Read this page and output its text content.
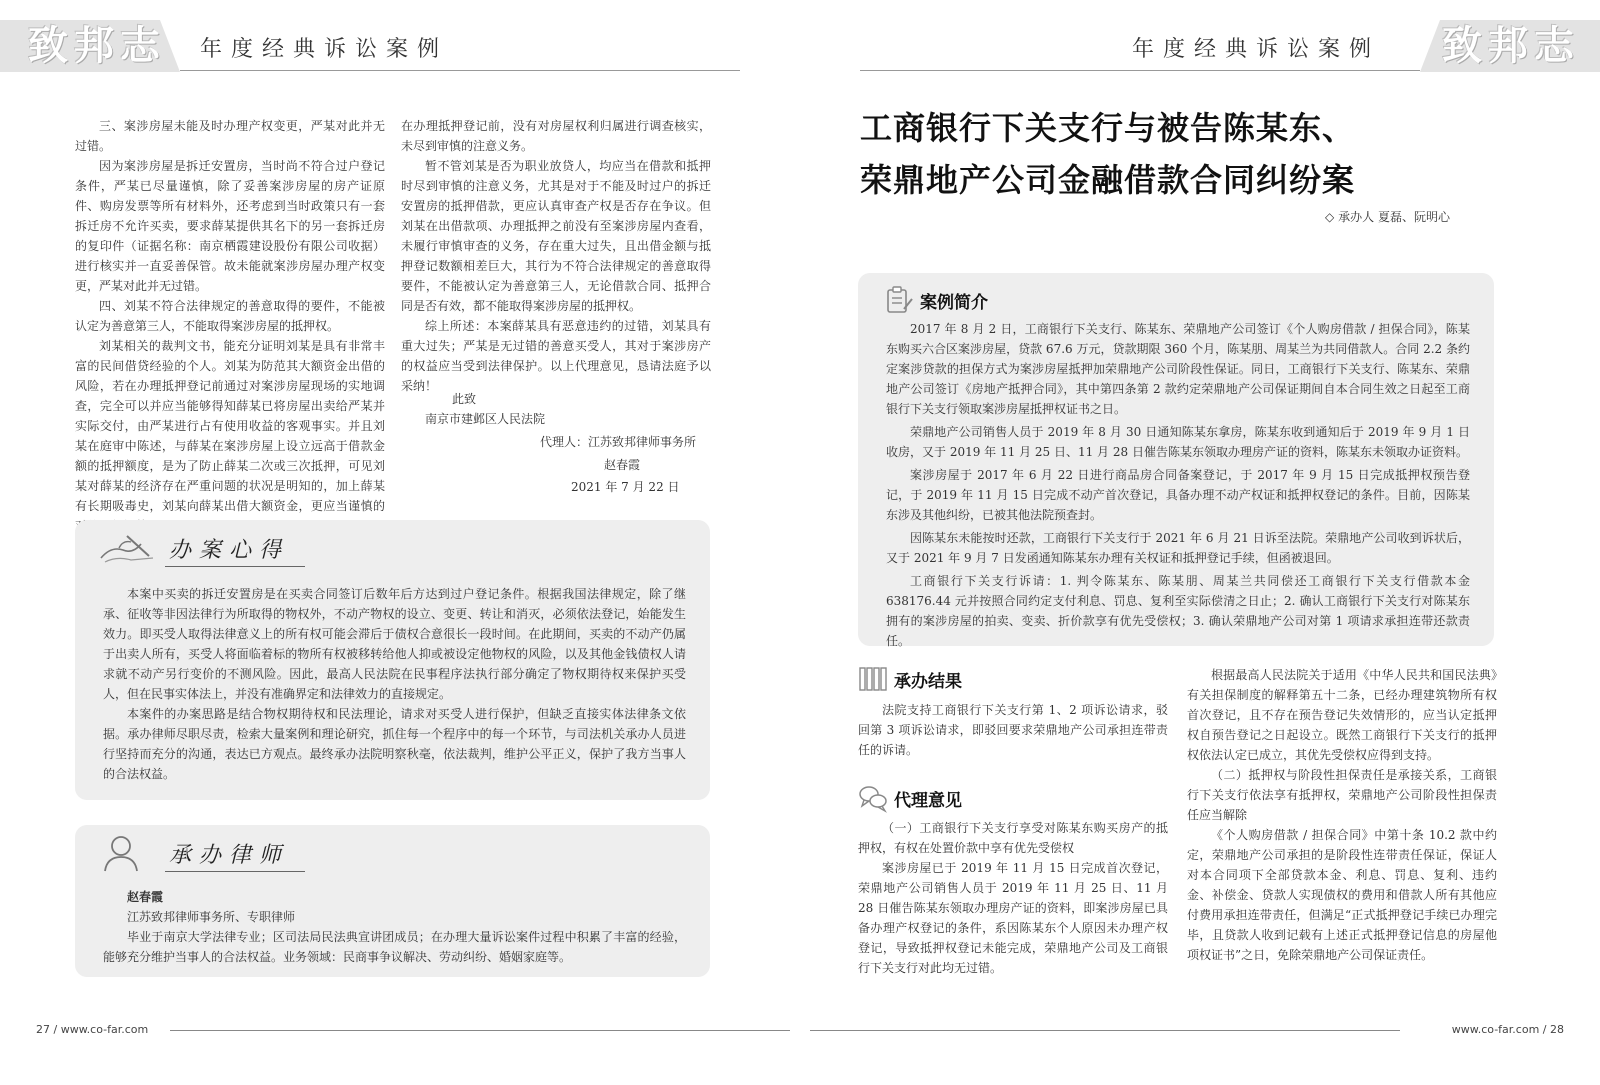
致邦志 年度经典诉讼案例	致邦志
年度经典诉讼案例

三、案涉房屋未能及时办理产权变更，严某对此并无过错。

因为案涉房屋是拆迁安置房，当时尚不符合过户登记条件，严某已尽量谨慎，除了妥善案涉房屋的房产证原件、购房发票等所有材料外，还考虑到当时政策只有一套拆迁房不允许买卖，要求薛某提供其名下的另一套拆迁房的复印件（证据名称：南京栖霞建设股份有限公司收据）进行核实并一直妥善保管。故未能就案涉房屋办理产权变更，严某对此并无过错。

四、刘某不符合法律规定的善意取得的要件，不能被认定为善意第三人，不能取得案涉房屋的抵押权。

刘某相关的裁判文书，能充分证明刘某是具有非常丰富的民间借贷经验的个人。刘某为防范其大额资金出借的风险，若在办理抵押登记前通过对案涉房屋现场的实地调查，完全可以并应当能够得知薛某已将房屋出卖给严某并实际交付，由严某进行占有使用收益的客观事实。并且刘某在庭审中陈述，与薛某在案涉房屋上设立远高于借款金额的抵押额度，是为了防止薛某二次或三次抵押，可见刘某对薛某的经济存在严重问题的状况是明知的，加上薛某有长期吸毒史，刘某向薛某出借大额资金，更应当谨慎的

在办理抵押登记前，没有对房屋权利归属进行调查核实，未尽到审慎的注意义务。

暂不管刘某是否为职业放贷人，均应当在借款和抵押时尽到审慎的注意义务，尤其是对于不能及时过户的拆迁安置房的抵押借款，更应认真审查产权是否存在争议。但刘某在出借款项、办理抵押之前没有至案涉房屋内查看，未履行审慎审查的义务，存在重大过失，且出借金额与抵押登记数额相差巨大，其行为不符合法律规定的善意取得要件，不能被认定为善意第三人，无论借款合同、抵押合同是否有效，都不能取得案涉房屋的抵押权。

综上所述：本案薛某具有恶意违约的过错，刘某具有重大过失；严某是无过错的善意买受人，其对于案涉房产的权益应当受到法律保护。以上代理意见，恳请法庭予以采纳！

此致
南京市建邺区人民法院
代理人：江苏致邦律师事务所
赵春霞
2021 年 7 月 22 日
办案心得

本案中买卖的拆迁安置房是在买卖合同签订后数年后方达到过户登记条件。根据我国法律规定，除了继承、征收等非因法律行为所取得的物权外，不动产物权的设立、变更、转让和消灭，必须依法登记，始能发生效力。即买受人取得法律意义上的所有权可能会滞后于债权合意很长一段时间。在此期间，买卖的不动产仍属于出卖人所有，买受人将面临着标的物所有权被移转给他人抑或被设定他物权的风险，以及其他金钱债权人请求就不动产另行变价的不测风险。因此，最高人民法院在民事程序法执行部分确定了物权期待权来保护买受人，但在民事实体法上，并没有准确界定和法律效力的直接规定。

本案件的办案思路是结合物权期待权和民法理论，请求对买受人进行保护，但缺乏直接实体法律条文依据。承办律师尽职尽责，检索大量案例和理论研究，抓住每一个程序中的每一个环节，与司法机关承办人员进行坚持而充分的沟通，表达已方观点。最终承办法院明察秋毫，依法裁判，维护公平正义，保护了我方当事人的合法权益。

承办律师

赵春霞

江苏致邦律师事务所、专职律师

毕业于南京大学法律专业；区司法局民法典宣讲团成员；在办理大量诉讼案件过程中积累了丰富的经验，能够充分维护当事人的合法权益。业务领域：民商事争议解决、劳动纠纷、婚姻家庭等。

工商银行下关支行与被告陈某东、
荣鼎地产公司金融借款合同纠纷案
◇ 承办人 夏磊、阮明心
案例简介

2017 年 8 月 2 日，工商银行下关支行、陈某东、荣鼎地产公司签订《个人购房借款 / 担保合同》，陈某东购买六合区案涉房屋，贷款 67.6 万元，贷款期限 360 个月，陈某朋、周某兰为共同借款人。合同 2.2 条约定案涉贷款的担保方式为案涉房屋抵押加荣鼎地产公司阶段性保证。同日，工商银行下关支行、陈某东、荣鼎地产公司签订《房地产抵押合同》，其中第四条第 2 款约定荣鼎地产公司保证期间自本合同生效之日起至工商银行下关支行领取案涉房屋抵押权证书之日。

荣鼎地产公司销售人员于 2019 年 8 月 30 日通知陈某东拿房，陈某东收到通知后于 2019 年 9 月 1 日收房，又于 2019 年 11 月 25 日、11 月 28 日催告陈某东领取办理房产证的资料，陈某东未领取办证资料。

案涉房屋于 2017 年 6 月 22 日进行商品房合同备案登记，于 2017 年 9 月 15 日完成抵押权预告登记，于 2019 年 11 月 15 日完成不动产首次登记，具备办理不动产权证和抵押权登记的条件。目前，因陈某东涉及其他纠纷，已被其他法院预查封。

因陈某东未能按时还款，工商银行下关支行于 2021 年 6 月 21 日诉至法院。荣鼎地产公司收到诉状后，又于 2021 年 9 月 7 日发函通知陈某东办理有关权证和抵押登记手续，但函被退回。

工商银行下关支行诉请：1. 判令陈某东、陈某朋、周某兰共同偿还工商银行下关支行借款本金 638176.44 元并按照合同约定支付利息、罚息、复利至实际偿清之日止；2. 确认工商银行下关支行对陈某东拥有的案涉房屋的拍卖、变卖、折价款享有优先受偿权；3. 确认荣鼎地产公司对第 1 项请求承担连带还款责任。

承办结果

法院支持工商银行下关支行第 1、2 项诉讼请求，驳回第 3 项诉讼请求，即驳回要求荣鼎地产公司承担连带责任的诉请。

代理意见

（一）工商银行下关支行享受对陈某东购买房产的抵押权，有权在处置价款中享有优先受偿权

案涉房屋已于 2019 年 11 月 15 日完成首次登记，荣鼎地产公司销售人员于 2019 年 11 月 25 日、11 月 28 日催告陈某东领取办理房产证的资料，即案涉房屋已具备办理产权登记的条件，系因陈某东个人原因未办理产权登记，导致抵押权登记未能完成，荣鼎地产公司及工商银行下关支行对此均无过错。

根据最高人民法院关于适用《中华人民共和国民法典》有关担保制度的解释第五十二条，已经办理建筑物所有权首次登记，且不存在预告登记失效情形的，应当认定抵押权自预告登记之日起设立。既然工商银行下关支行的抵押权依法认定已成立，其优先受偿权应得到支持。

（二）抵押权与阶段性担保责任是承接关系，工商银行下关支行依法享有抵押权，荣鼎地产公司阶段性担保责任应当解除

《个人购房借款 / 担保合同》中第十条 10.2 款中约定，荣鼎地产公司承担的是阶段性连带责任保证，保证人对本合同项下全部贷款本金、利息、罚息、复利、违约金、补偿金、贷款人实现债权的费用和借款人所有其他应付费用承担连带责任，但满足“正式抵押登记手续已办理完毕，且贷款人收到记载有上述正式抵押登记信息的房屋他项权证书”之日，免除荣鼎地产公司保证责任。

27 / www.co-far.com	www.co-far.com / 28
